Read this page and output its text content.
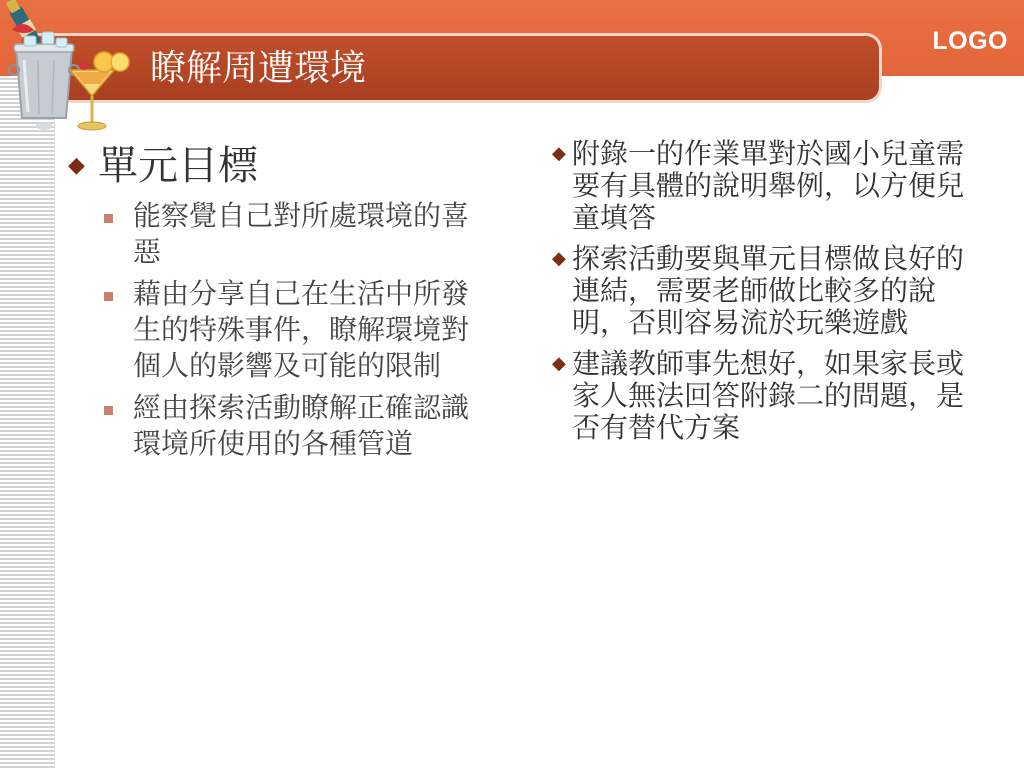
瞭解周遭環境
LOGO
◆ 單元目標
能察覺自己對所處環境的喜惡
藉由分享自己在生活中所發生的特殊事件，瞭解環境對個人的影響及可能的限制
經由探索活動瞭解正確認識環境所使用的各種管道
◆ 附錄一的作業單對於國小兒童需要有具體的說明舉例，以方便兒童填答
◆ 探索活動要與單元目標做良好的連結，需要老師做比較多的說明，否則容易流於玩樂遊戲
◆ 建議教師事先想好，如果家長或家人無法回答附錄二的問題，是否有替代方案
